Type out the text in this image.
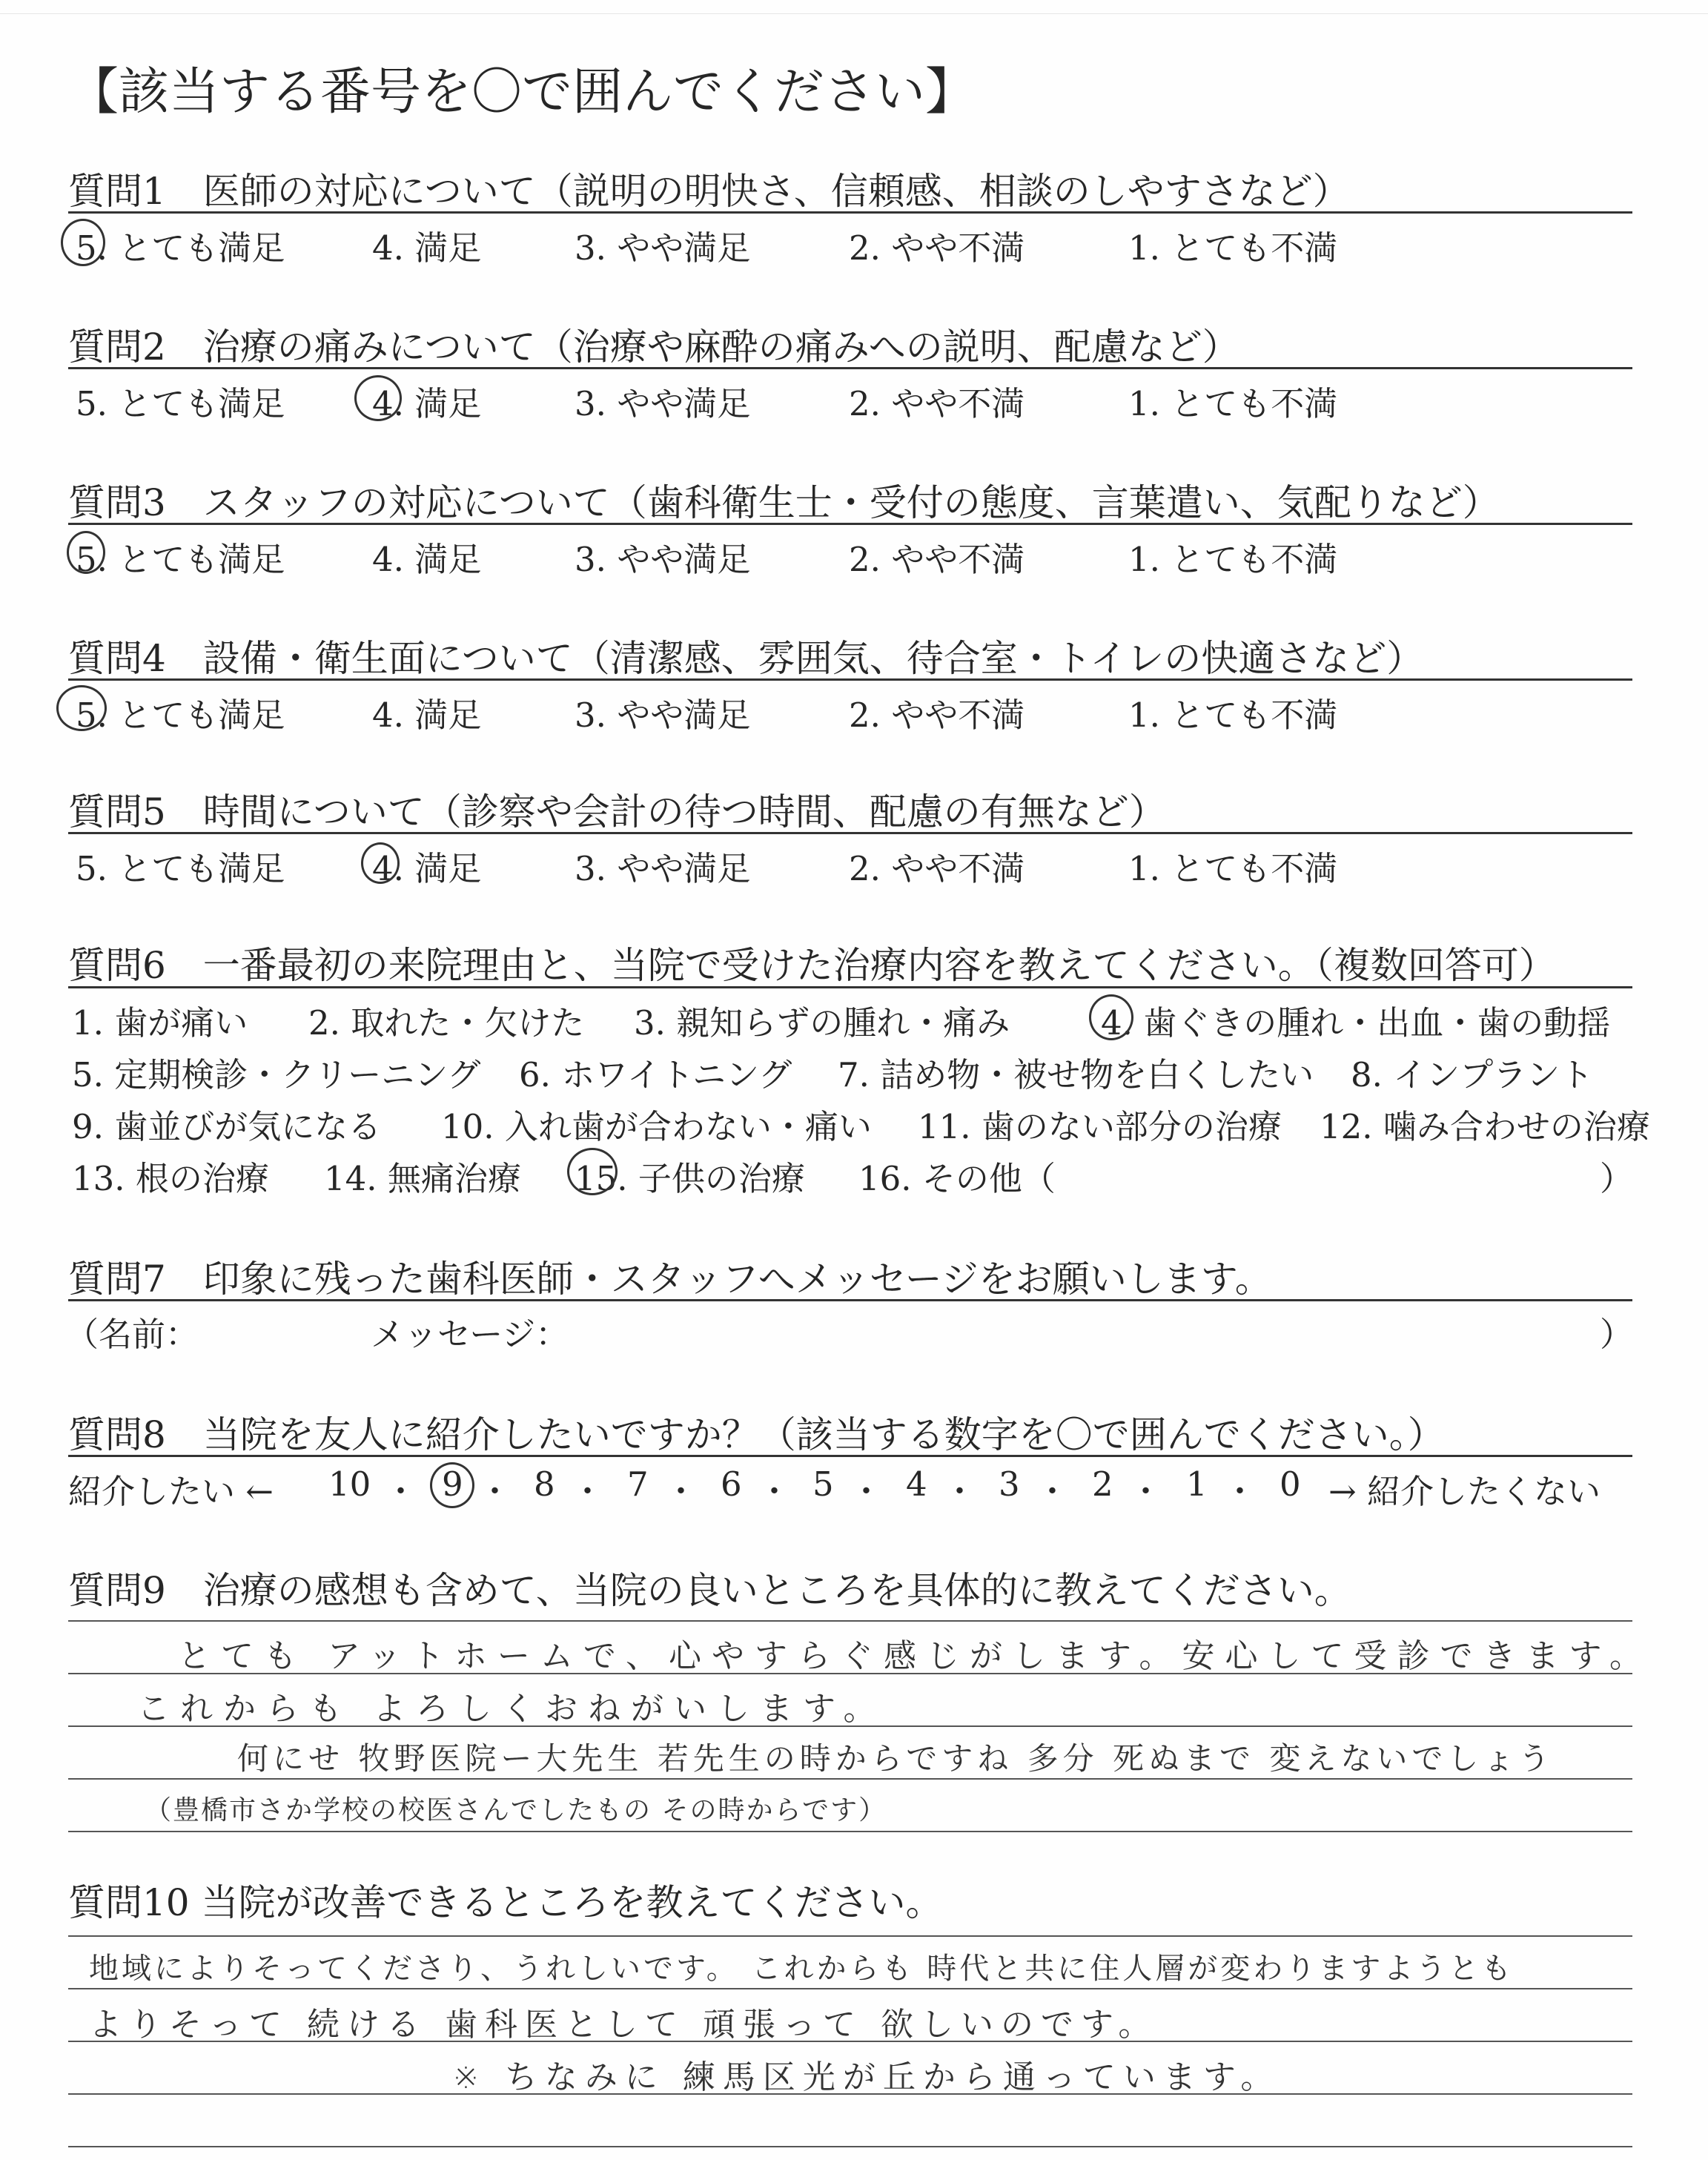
【該当する番号を〇で囲んでください】
質問1　医師の対応について（説明の明快さ、信頼感、相談のしやすさなど）
5. とても満足	4. 満足	3. やや満足	2. やや不満	1. とても不満
質問2　治療の痛みについて（治療や麻酔の痛みへの説明、配慮など）
5. とても満足	4. 満足	3. やや満足	2. やや不満	1. とても不満
質問3　スタッフの対応について（歯科衛生士・受付の態度、言葉遣い、気配りなど）
5. とても満足	4. 満足	3. やや満足	2. やや不満	1. とても不満
質問4　設備・衛生面について（清潔感、雰囲気、待合室・トイレの快適さなど）
5. とても満足	4. 満足	3. やや満足	2. やや不満	1. とても不満
質問5　時間について（診察や会計の待つ時間、配慮の有無など）
5. とても満足	4. 満足	3. やや満足	2. やや不満	1. とても不満
質問6　一番最初の来院理由と、当院で受けた治療内容を教えてください。（複数回答可）
1. 歯が痛い 2. 取れた・欠けた 3. 親知らずの腫れ・痛み	4. 歯ぐきの腫れ・出血・歯の動揺
5. 定期検診・クリーニング 6. ホワイトニング 7. 詰め物・被せ物を白くしたい 8. インプラント
9. 歯並びが気になる 10. 入れ歯が合わない・痛い 11. 歯のない部分の治療 12. 噛み合わせの治療
13. 根の治療 14. 無痛治療 15. 子供の治療 16. その他（	）
質問7　印象に残った歯科医師・スタッフへメッセージをお願いします。
（名前：	メッセージ：	）
質問8　当院を友人に紹介したいですか？（該当する数字を〇で囲んでください。）
紹介したい ← 10 ・ 9 ・ 8 ・ 7 ・ 6 ・ 5 ・ 4 ・ 3 ・ 2 ・ 1 ・ 0 → 紹介したくない
質問9　治療の感想も含めて、当院の良いところを具体的に教えてください。
とても アットホームで、心やすらぐ感じがします。安心して受診できます。
これからも よろしくおねがいします。
何にせ 牧野医院ー大先生 若先生の時からですね 多分 死ぬまで 変えないでしょう
（豊橋市さか学校の校医さんでしたもの その時からです）
質問10 当院が改善できるところを教えてください。
地域によりそってくださり、うれしいです。 これからも 時代と共に住人層が変わりますようとも
よりそって 続ける 歯科医として 頑張って 欲しいのです。
※ ちなみに 練馬区光が丘から通っています。
